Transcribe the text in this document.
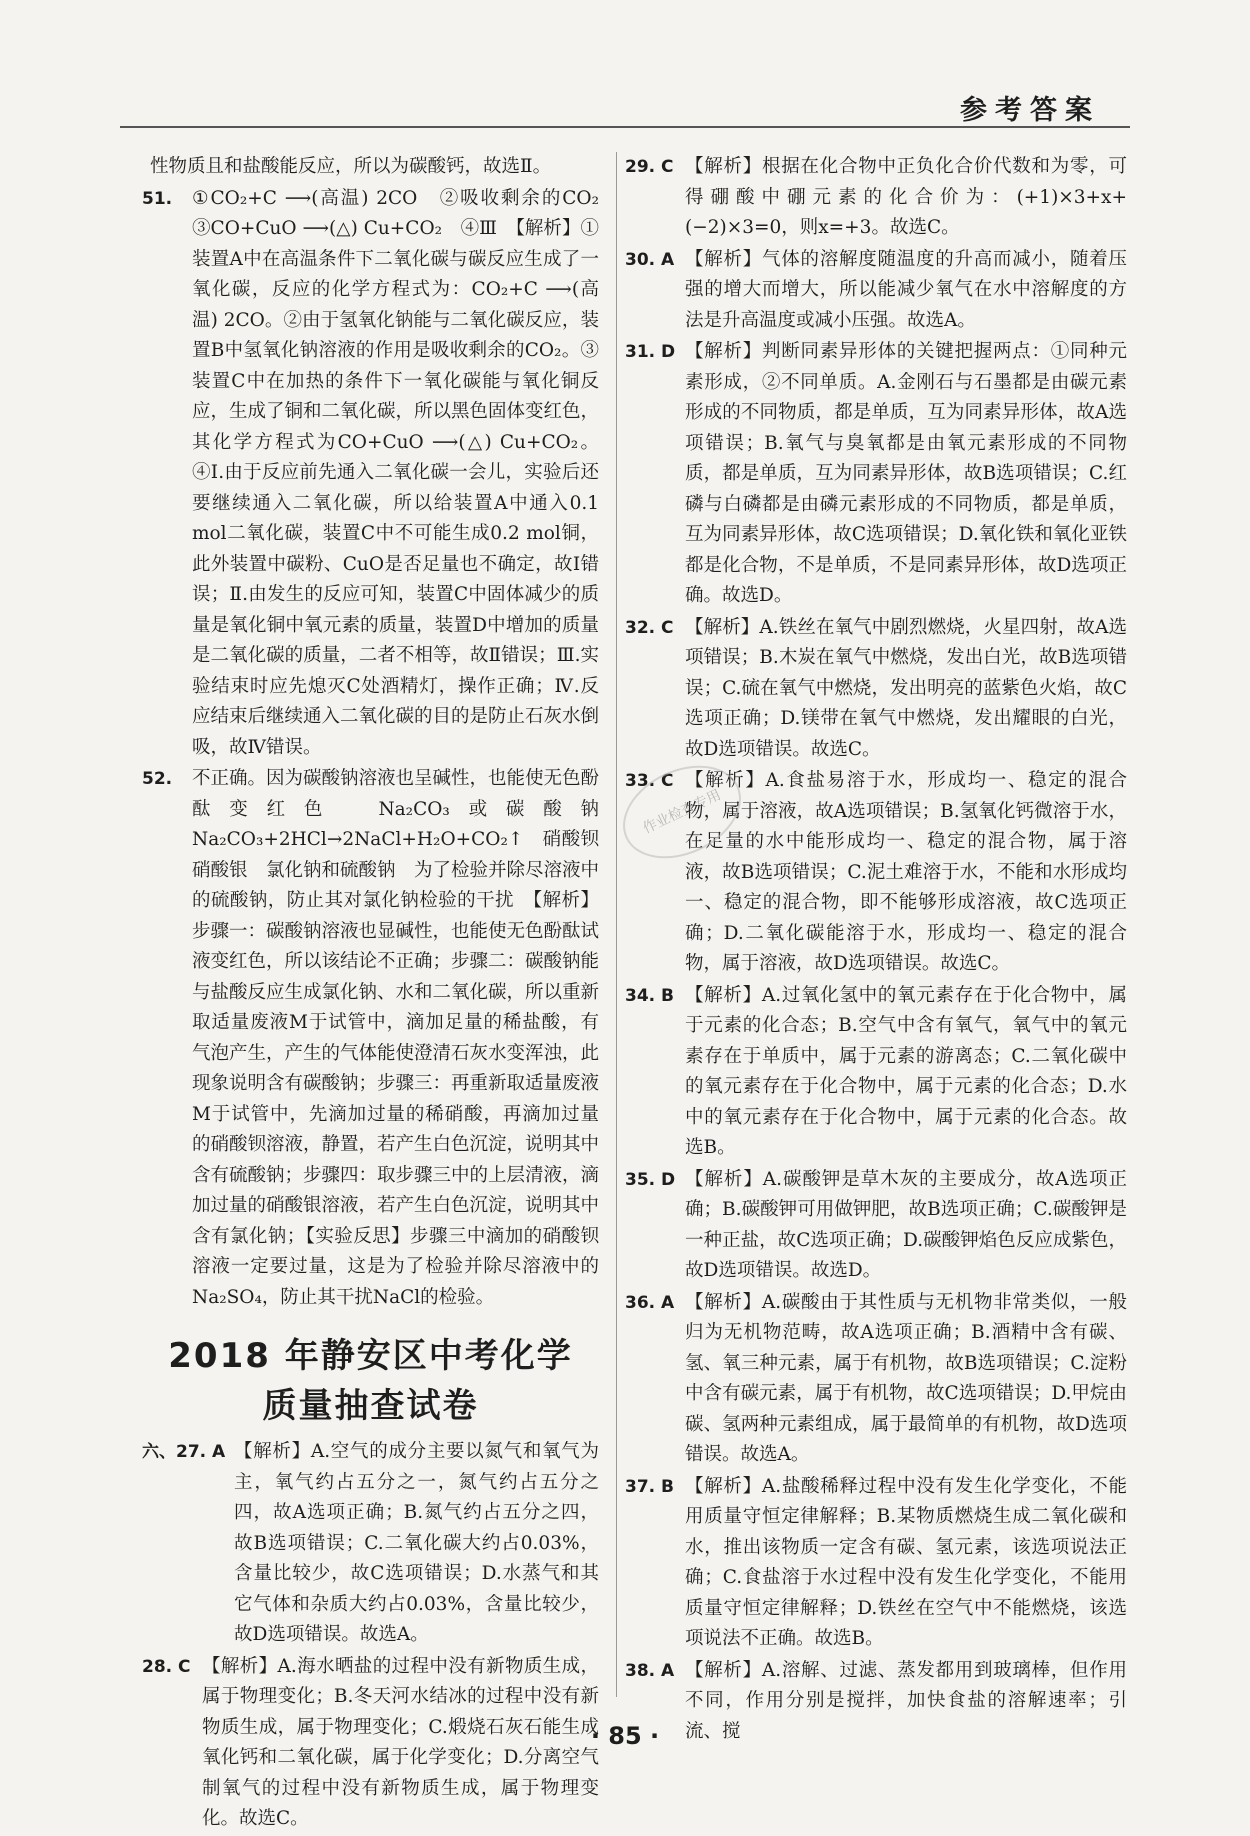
参考答案
性物质且和盐酸能反应，所以为碳酸钙，故选Ⅱ。
51. ①CO₂+C ⟶(高温) 2CO　②吸收剩余的CO₂　③CO+CuO ⟶(△) Cu+CO₂　④Ⅲ　【解析】①装置A中在高温条件下二氧化碳与碳反应生成了一氧化碳，反应的化学方程式为：CO₂+C ⟶(高温) 2CO。②由于氢氧化钠能与二氧化碳反应，装置B中氢氧化钠溶液的作用是吸收剩余的CO₂。③装置C中在加热的条件下一氧化碳能与氧化铜反应，生成了铜和二氧化碳，所以黑色固体变红色，其化学方程式为CO+CuO ⟶(△) Cu+CO₂。④Ⅰ.由于反应前先通入二氧化碳一会儿，实验后还要继续通入二氧化碳，所以给装置A中通入0.1 mol二氧化碳，装置C中不可能生成0.2 mol铜，此外装置中碳粉、CuO是否足量也不确定，故Ⅰ错误；Ⅱ.由发生的反应可知，装置C中固体减少的质量是氧化铜中氧元素的质量，装置D中增加的质量是二氧化碳的质量，二者不相等，故Ⅱ错误；Ⅲ.实验结束时应先熄灭C处酒精灯，操作正确；Ⅳ.反应结束后继续通入二氧化碳的目的是防止石灰水倒吸，故Ⅳ错误。
52. 不正确。因为碳酸钠溶液也呈碱性，也能使无色酚酞变红色　Na₂CO₃或碳酸钠　Na₂CO₃+2HCl→2NaCl+H₂O+CO₂↑　硝酸钡　硝酸银　氯化钠和硫酸钠　为了检验并除尽溶液中的硫酸钠，防止其对氯化钠检验的干扰　【解析】步骤一：碳酸钠溶液也显碱性，也能使无色酚酞试液变红色，所以该结论不正确；步骤二：碳酸钠能与盐酸反应生成氯化钠、水和二氧化碳，所以重新取适量废液M于试管中，滴加足量的稀盐酸，有气泡产生，产生的气体能使澄清石灰水变浑浊，此现象说明含有碳酸钠；步骤三：再重新取适量废液M于试管中，先滴加过量的稀硝酸，再滴加过量的硝酸钡溶液，静置，若产生白色沉淀，说明其中含有硫酸钠；步骤四：取步骤三中的上层清液，滴加过量的硝酸银溶液，若产生白色沉淀，说明其中含有氯化钠；【实验反思】步骤三中滴加的硝酸钡溶液一定要过量，这是为了检验并除尽溶液中的Na₂SO₄，防止其干扰NaCl的检验。
2018 年静安区中考化学
质量抽查试卷
六、27. A 【解析】A.空气的成分主要以氮气和氧气为主，氧气约占五分之一，氮气约占五分之四，故A选项正确；B.氮气约占五分之四，故B选项错误；C.二氧化碳大约占0.03%，含量比较少，故C选项错误；D.水蒸气和其它气体和杂质大约占0.03%，含量比较少，故D选项错误。故选A。
28. C 【解析】A.海水晒盐的过程中没有新物质生成，属于物理变化；B.冬天河水结冰的过程中没有新物质生成，属于物理变化；C.煅烧石灰石能生成氧化钙和二氧化碳，属于化学变化；D.分离空气制氧气的过程中没有新物质生成，属于物理变化。故选C。
29. C 【解析】根据在化合物中正负化合价代数和为零，可得硼酸中硼元素的化合价为：(+1)×3+x+(−2)×3=0，则x=+3。故选C。
30. A 【解析】气体的溶解度随温度的升高而减小，随着压强的增大而增大，所以能减少氧气在水中溶解度的方法是升高温度或减小压强。故选A。
31. D 【解析】判断同素异形体的关键把握两点：①同种元素形成，②不同单质。A.金刚石与石墨都是由碳元素形成的不同物质，都是单质，互为同素异形体，故A选项错误；B.氧气与臭氧都是由氧元素形成的不同物质，都是单质，互为同素异形体，故B选项错误；C.红磷与白磷都是由磷元素形成的不同物质，都是单质，互为同素异形体，故C选项错误；D.氧化铁和氧化亚铁都是化合物，不是单质，不是同素异形体，故D选项正确。故选D。
32. C 【解析】A.铁丝在氧气中剧烈燃烧，火星四射，故A选项错误；B.木炭在氧气中燃烧，发出白光，故B选项错误；C.硫在氧气中燃烧，发出明亮的蓝紫色火焰，故C选项正确；D.镁带在氧气中燃烧，发出耀眼的白光，故D选项错误。故选C。
33. C 【解析】A.食盐易溶于水，形成均一、稳定的混合物，属于溶液，故A选项错误；B.氢氧化钙微溶于水，在足量的水中能形成均一、稳定的混合物，属于溶液，故B选项错误；C.泥土难溶于水，不能和水形成均一、稳定的混合物，即不能够形成溶液，故C选项正确；D.二氧化碳能溶于水，形成均一、稳定的混合物，属于溶液，故D选项错误。故选C。
34. B 【解析】A.过氧化氢中的氧元素存在于化合物中，属于元素的化合态；B.空气中含有氧气，氧气中的氧元素存在于单质中，属于元素的游离态；C.二氧化碳中的氧元素存在于化合物中，属于元素的化合态；D.水中的氧元素存在于化合物中，属于元素的化合态。故选B。
35. D 【解析】A.碳酸钾是草木灰的主要成分，故A选项正确；B.碳酸钾可用做钾肥，故B选项正确；C.碳酸钾是一种正盐，故C选项正确；D.碳酸钾焰色反应成紫色，故D选项错误。故选D。
36. A 【解析】A.碳酸由于其性质与无机物非常类似，一般归为无机物范畴，故A选项正确；B.酒精中含有碳、氢、氧三种元素，属于有机物，故B选项错误；C.淀粉中含有碳元素，属于有机物，故C选项错误；D.甲烷由碳、氢两种元素组成，属于最简单的有机物，故D选项错误。故选A。
37. B 【解析】A.盐酸稀释过程中没有发生化学变化，不能用质量守恒定律解释；B.某物质燃烧生成二氧化碳和水，推出该物质一定含有碳、氢元素，该选项说法正确；C.食盐溶于水过程中没有发生化学变化，不能用质量守恒定律解释；D.铁丝在空气中不能燃烧，该选项说法不正确。故选B。
38. A 【解析】A.溶解、过滤、蒸发都用到玻璃棒，但作用不同，作用分别是搅拌，加快食盐的溶解速率；引流、搅
作业检查专用
· 85 ·
